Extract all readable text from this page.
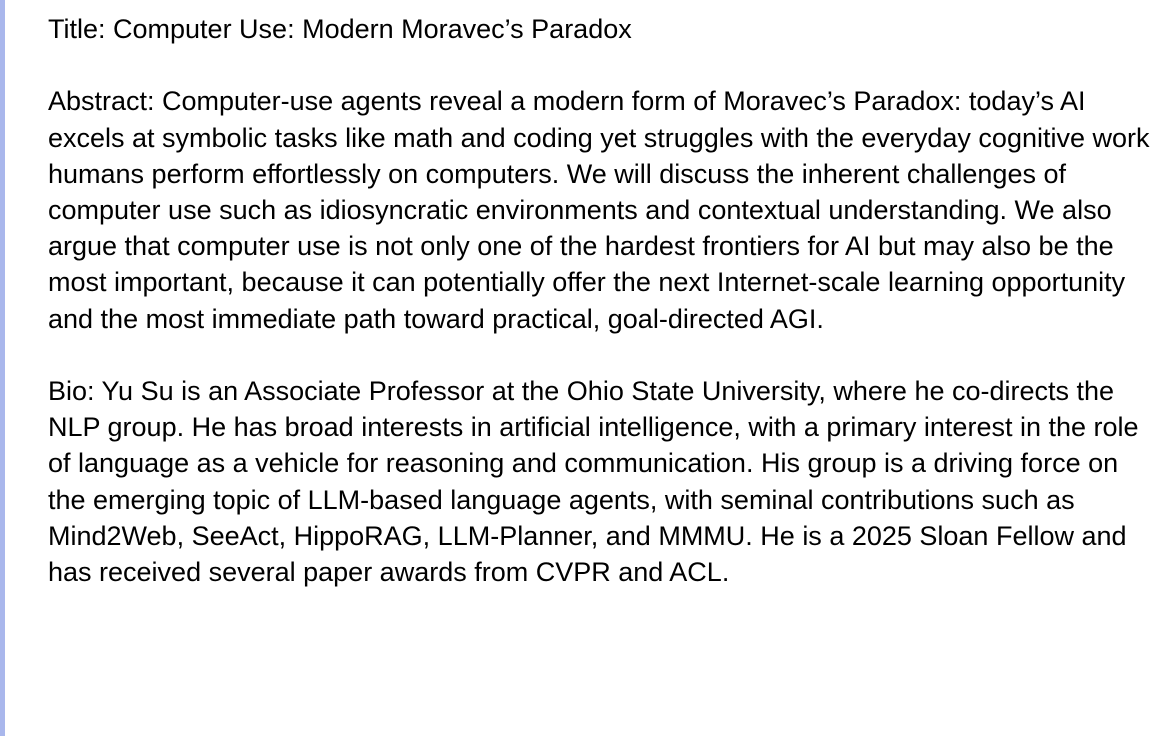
Title: Computer Use: Modern Moravec’s Paradox

Abstract: Computer-use agents reveal a modern form of Moravec’s Paradox: today’s AI excels at symbolic tasks like math and coding yet struggles with the everyday cognitive work humans perform effortlessly on computers. We will discuss the inherent challenges of computer use such as idiosyncratic environments and contextual understanding. We also argue that computer use is not only one of the hardest frontiers for AI but may also be the most important, because it can potentially offer the next Internet-scale learning opportunity and the most immediate path toward practical, goal-directed AGI.

Bio: Yu Su is an Associate Professor at the Ohio State University, where he co-directs the NLP group. He has broad interests in artificial intelligence, with a primary interest in the role of language as a vehicle for reasoning and communication. His group is a driving force on the emerging topic of LLM-based language agents, with seminal contributions such as Mind2Web, SeeAct, HippoRAG, LLM-Planner, and MMMU. He is a 2025 Sloan Fellow and has received several paper awards from CVPR and ACL.
